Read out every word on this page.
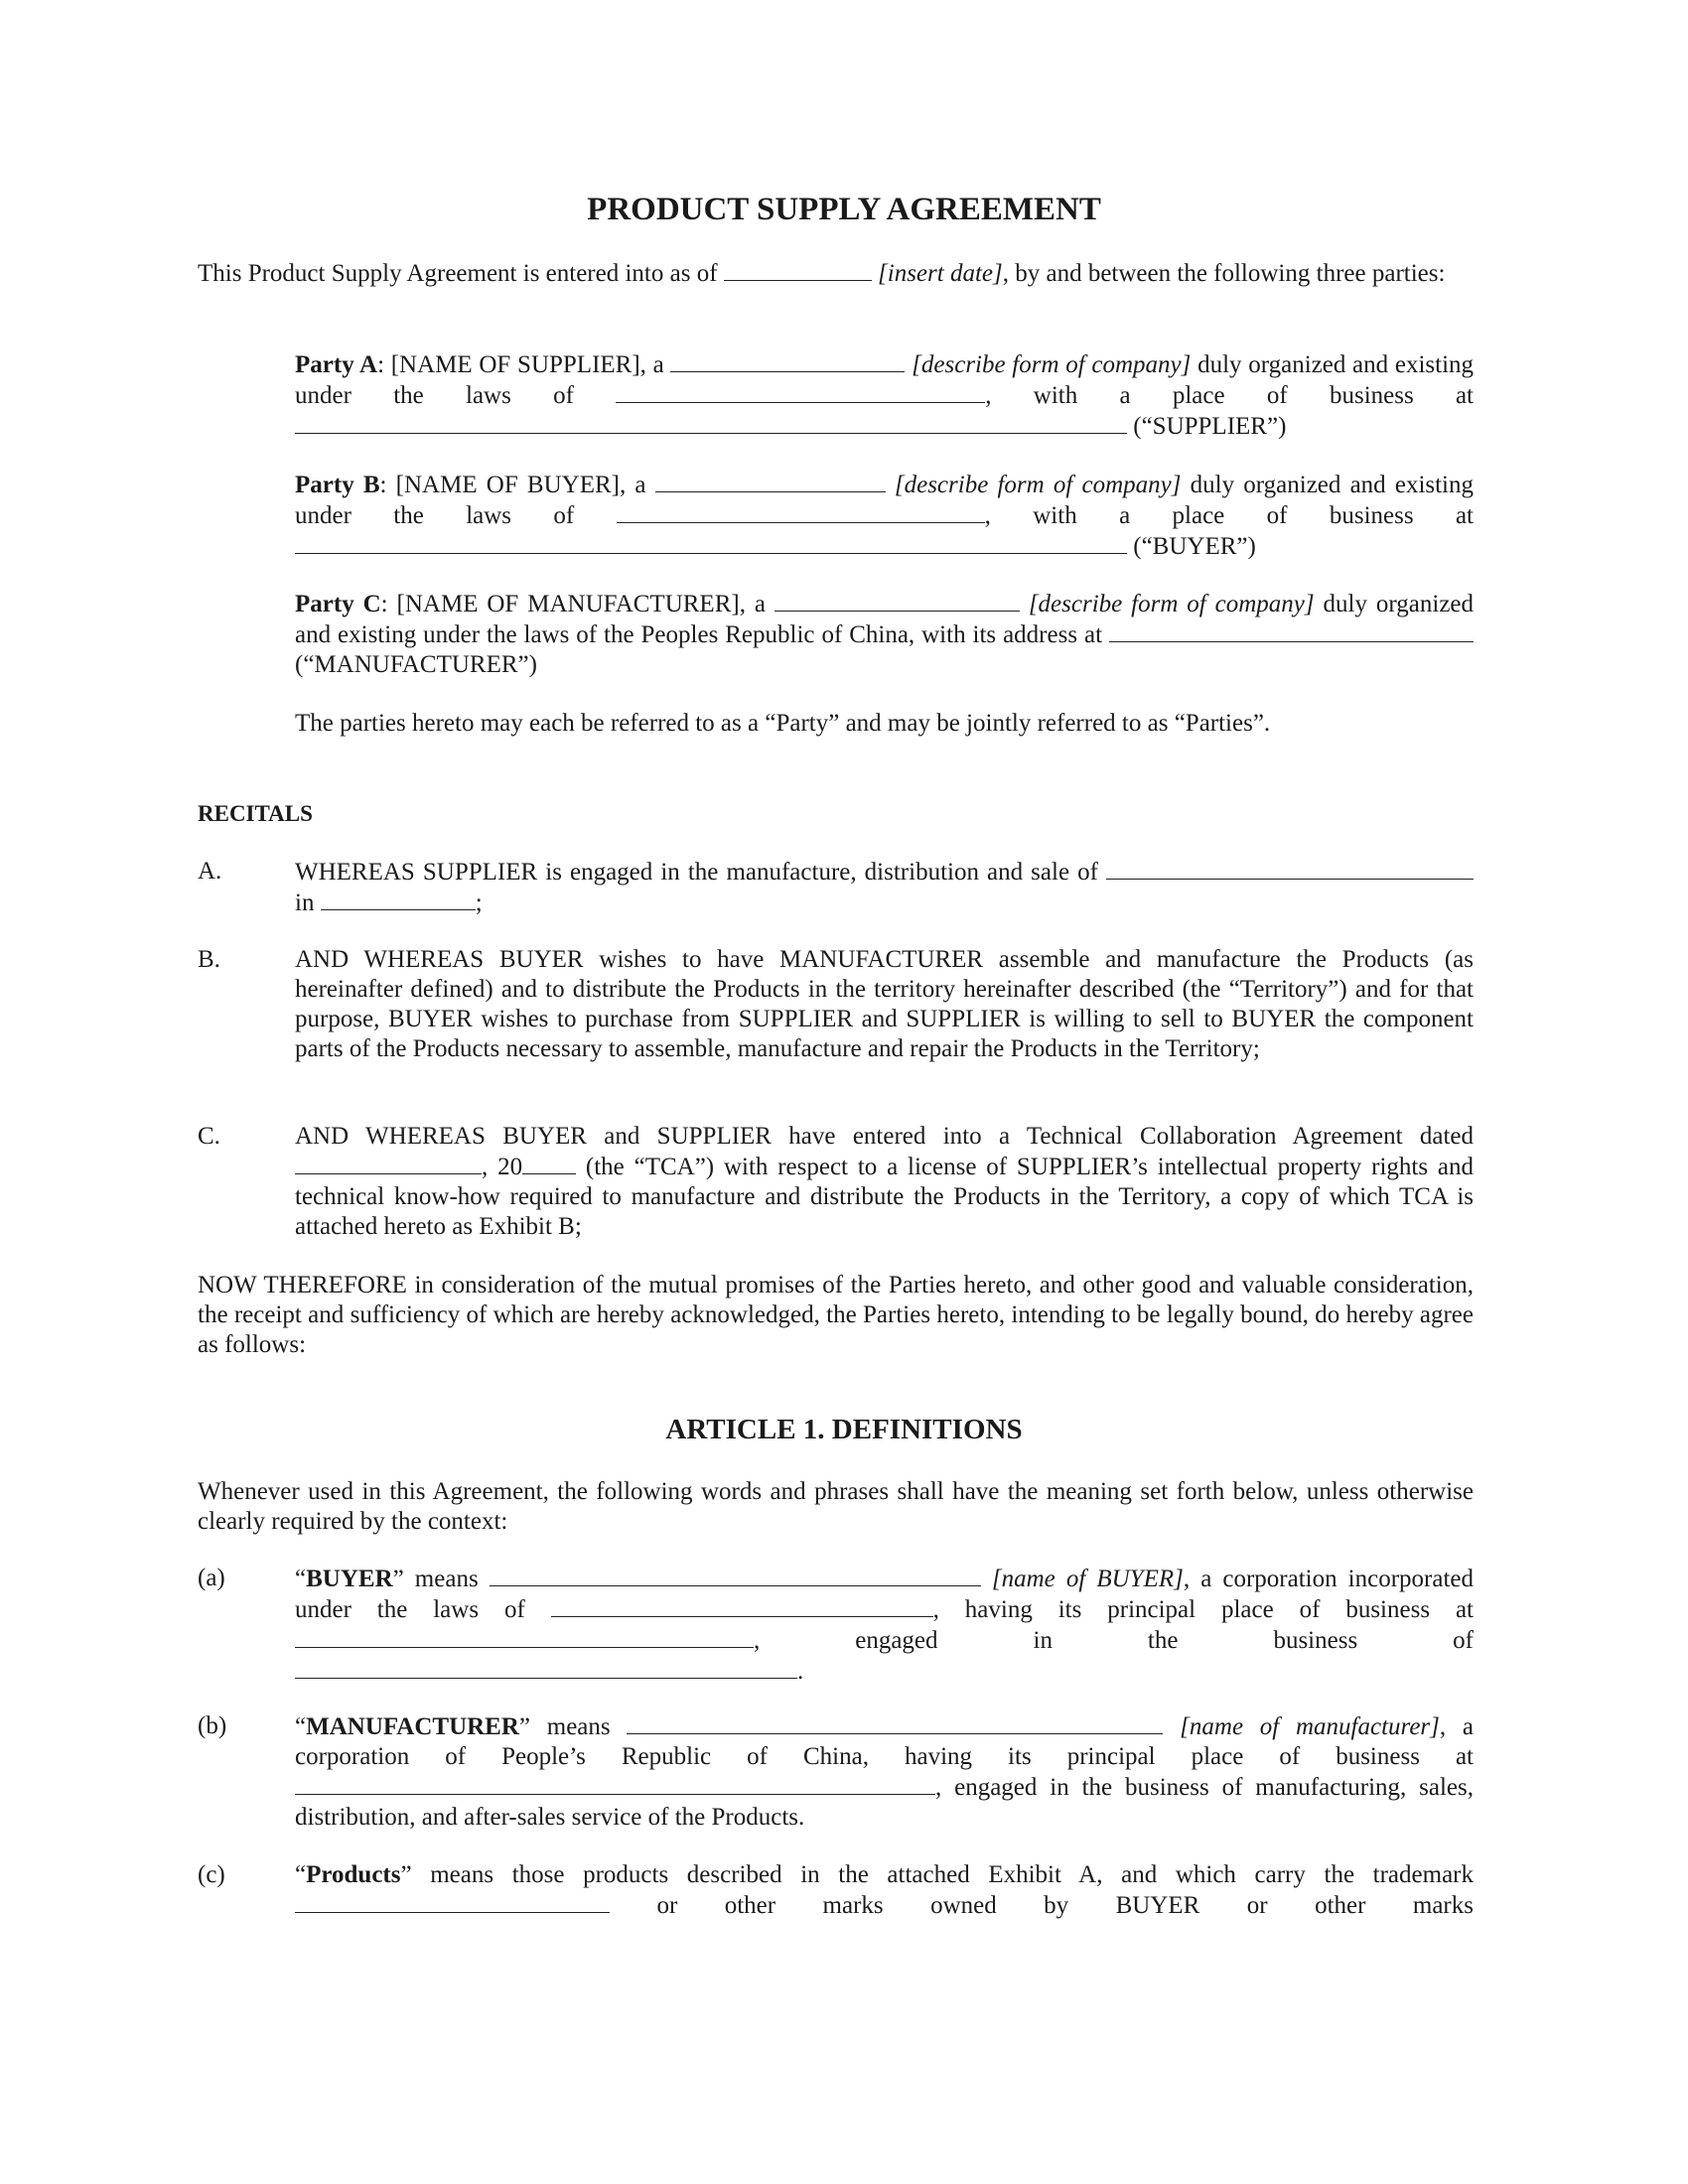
PRODUCT SUPPLY AGREEMENT
This Product Supply Agreement is entered into as of	[insert date], by and between the following three parties:
Party A: [NAME OF SUPPLIER], a	[describe form of company] duly organized and existing under the laws of	, with a place of business at  (“SUPPLIER”)
Party B: [NAME OF BUYER], a	[describe form of company] duly organized and existing under the laws of	, with a place of business at  (“BUYER”)
Party C: [NAME OF MANUFACTURER], a	[describe form of company] duly organized and existing under the laws of the Peoples Republic of China, with its address at  (“MANUFACTURER”)
The parties hereto may each be referred to as a “Party” and may be jointly referred to as “Parties”.
RECITALS
A.	WHEREAS SUPPLIER is engaged in the manufacture, distribution and sale of  in	;
B.	AND WHEREAS BUYER wishes to have MANUFACTURER assemble and manufacture the Products (as hereinafter defined) and to distribute the Products in the territory hereinafter described (the “Territory”) and for that purpose, BUYER wishes to purchase from SUPPLIER and SUPPLIER is willing to sell to BUYER the component parts of the Products necessary to assemble, manufacture and repair the Products in the Territory;
C.	AND WHEREAS BUYER and SUPPLIER have entered into a Technical Collaboration Agreement dated , 20 (the “TCA”) with respect to a license of SUPPLIER’s intellectual property rights and technical know-how required to manufacture and distribute the Products in the Territory, a copy of which TCA is attached hereto as Exhibit B;
NOW THEREFORE in consideration of the mutual promises of the Parties hereto, and other good and valuable consideration, the receipt and sufficiency of which are hereby acknowledged, the Parties hereto, intending to be legally bound, do hereby agree as follows:
ARTICLE 1. DEFINITIONS
Whenever used in this Agreement, the following words and phrases shall have the meaning set forth below, unless otherwise clearly required by the context:
(a)	“BUYER” means	[name of BUYER], a corporation incorporated under the laws of	, having its principal place of business at , engaged in the business of .
(b)	“MANUFACTURER” means	[name of manufacturer], a corporation of People’s Republic of China, having its principal place of business at , engaged in the business of manufacturing, sales, distribution, and after-sales service of the Products.
(c)	“Products” means those products described in the attached Exhibit A, and which carry the trademark  or other marks owned by BUYER or other marks
